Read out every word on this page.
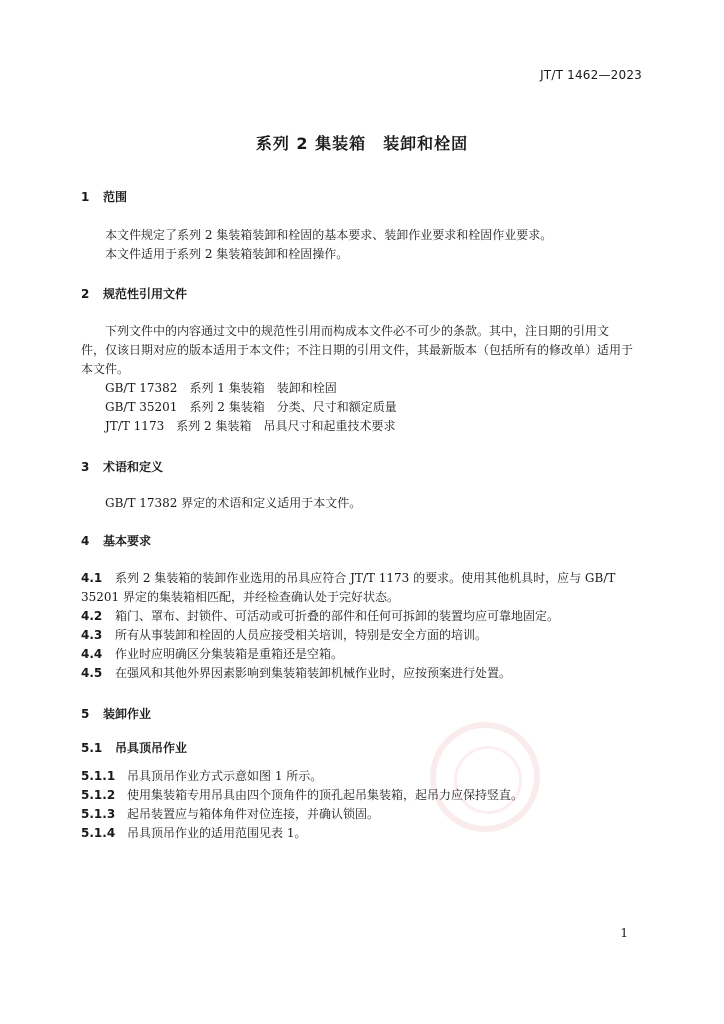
JT/T 1462—2023
系列 2 集装箱　装卸和栓固
1 范围
本文件规定了系列 2 集装箱装卸和栓固的基本要求、装卸作业要求和栓固作业要求。
本文件适用于系列 2 集装箱装卸和栓固操作。
2 规范性引用文件
下列文件中的内容通过文中的规范性引用而构成本文件必不可少的条款。其中，注日期的引用文
件，仅该日期对应的版本适用于本文件；不注日期的引用文件，其最新版本（包括所有的修改单）适用于
本文件。
GB/T 17382　系列 1 集装箱　装卸和栓固
GB/T 35201　系列 2 集装箱　分类、尺寸和额定质量
JT/T 1173　系列 2 集装箱　吊具尺寸和起重技术要求
3 术语和定义
GB/T 17382 界定的术语和定义适用于本文件。
4 基本要求
4.1 系列 2 集装箱的装卸作业选用的吊具应符合 JT/T 1173 的要求。使用其他机具时，应与 GB/T
35201 界定的集装箱相匹配，并经检查确认处于完好状态。
4.2 箱门、罩布、封锁件、可活动或可折叠的部件和任何可拆卸的装置均应可靠地固定。
4.3 所有从事装卸和栓固的人员应接受相关培训，特别是安全方面的培训。
4.4 作业时应明确区分集装箱是重箱还是空箱。
4.5 在强风和其他外界因素影响到集装箱装卸机械作业时，应按预案进行处置。
5 装卸作业
5.1 吊具顶吊作业
5.1.1 吊具顶吊作业方式示意如图 1 所示。
5.1.2 使用集装箱专用吊具由四个顶角件的顶孔起吊集装箱，起吊力应保持竖直。
5.1.3 起吊装置应与箱体角件对位连接，并确认锁固。
5.1.4 吊具顶吊作业的适用范围见表 1。
1
